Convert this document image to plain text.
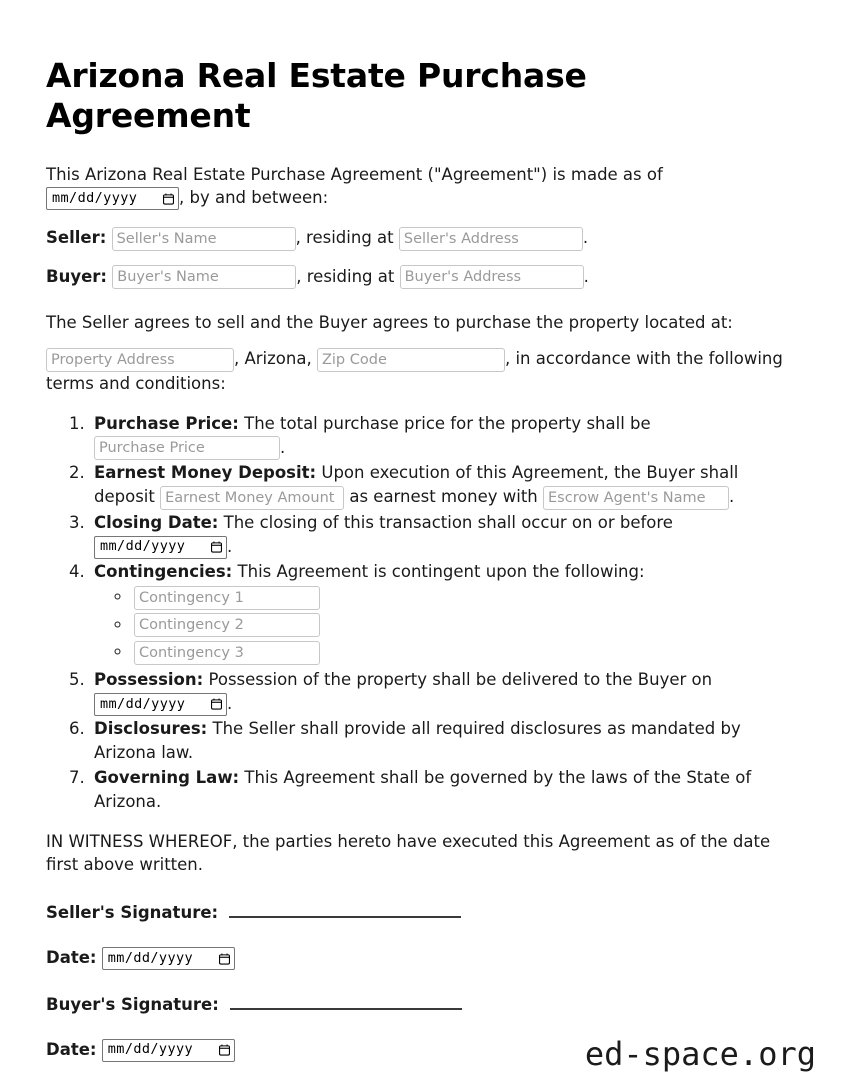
Arizona Real Estate Purchase Agreement

This Arizona Real Estate Purchase Agreement ("Agreement") is made as of

mm/dd/yyyy	, by and between:

Seller: Seller's Name	, residing at Seller's Address	.

Buyer: Buyer's Name	, residing at Buyer's Address	.

The Seller agrees to sell and the Buyer agrees to purchase the property located at:

Property Address, Arizona, Zip Code	, in accordance with the following terms and conditions:

1. Purchase Price: The total purchase price for the property shall be
Purchase Price.
2. Earnest Money Deposit: Upon execution of this Agreement, the Buyer shall deposit Earnest Money Amount	as earnest money with Escrow Agent's Name	.
3. Closing Date: The closing of this transaction shall occur on or before

mm/dd/yyyy	.
4. Contingencies: This Agreement is contingent upon the following:
◦ Contingency 1
◦ Contingency 2
◦ Contingency 3
5. Possession: Possession of the property shall be delivered to the Buyer on

mm/dd/yyyy	.
6. Disclosures: The Seller shall provide all required disclosures as mandated by Arizona law.
7. Governing Law: This Agreement shall be governed by the laws of the State of Arizona.

IN WITNESS WHEREOF, the parties hereto have executed this Agreement as of the date first above written.

Seller's Signature:
Date: mm/dd/yyyy
Buyer's Signature:
Date: mm/dd/yyyy	ed-space.org
